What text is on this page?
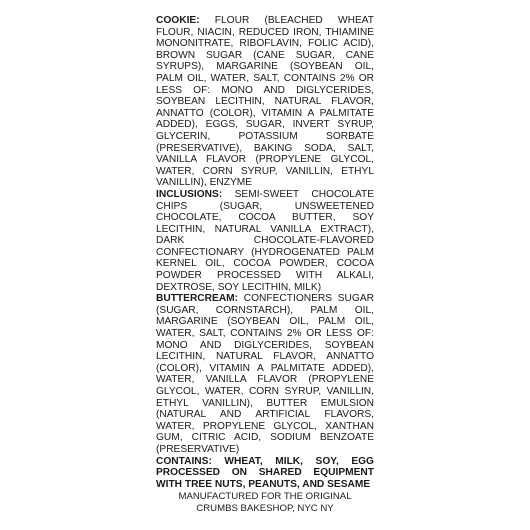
COOKIE: FLOUR (BLEACHED WHEAT FLOUR, NIACIN, REDUCED IRON, THIAMINE MONONITRATE, RIBOFLAVIN, FOLIC ACID), BROWN SUGAR (CANE SUGAR, CANE SYRUPS), MARGARINE (SOYBEAN OIL, PALM OIL, WATER, SALT, CONTAINS 2% OR LESS OF: MONO AND DIGLYCERIDES, SOYBEAN LECITHIN, NATURAL FLAVOR, ANNATTO (COLOR), VITAMIN A PALMITATE ADDED), EGGS, SUGAR, INVERT SYRUP, GLYCERIN, POTASSIUM SORBATE (PRESERVATIVE), BAKING SODA, SALT, VANILLA FLAVOR (PROPYLENE GLYCOL, WATER, CORN SYRUP, VANILLIN, ETHYL VANILLIN), ENZYME

INCLUSIONS: SEMI-SWEET CHOCOLATE CHIPS (SUGAR, UNSWEETENED CHOCOLATE, COCOA BUTTER, SOY LECITHIN, NATURAL VANILLA EXTRACT), DARK CHOCOLATE-FLAVORED CONFECTIONARY (HYDROGENATED PALM KERNEL OIL, COCOA POWDER, COCOA POWDER PROCESSED WITH ALKALI, DEXTROSE, SOY LECITHIN, MILK)

BUTTERCREAM: CONFECTIONERS SUGAR (SUGAR, CORNSTARCH), PALM OIL, MARGARINE (SOYBEAN OIL, PALM OIL, WATER, SALT, CONTAINS 2% OR LESS OF: MONO AND DIGLYCERIDES, SOYBEAN LECITHIN, NATURAL FLAVOR, ANNATTO (COLOR), VITAMIN A PALMITATE ADDED), WATER, VANILLA FLAVOR (PROPYLENE GLYCOL, WATER, CORN SYRUP, VANILLIN, ETHYL VANILLIN), BUTTER EMULSION (NATURAL AND ARTIFICIAL FLAVORS, WATER, PROPYLENE GLYCOL, XANTHAN GUM, CITRIC ACID, SODIUM BENZOATE (PRESERVATIVE)

CONTAINS: WHEAT, MILK, SOY, EGG PROCESSED ON SHARED EQUIPMENT WITH TREE NUTS, PEANUTS, AND SESAME

MANUFACTURED FOR THE ORIGINAL
CRUMBS BAKESHOP, NYC NY
